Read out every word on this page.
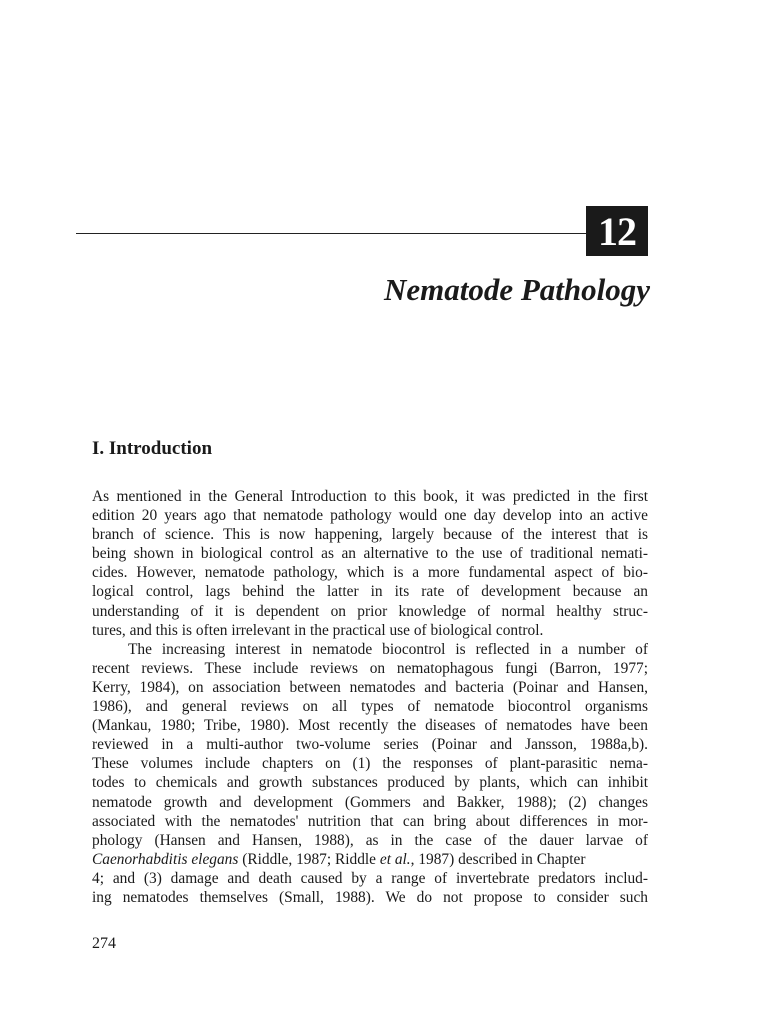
12
Nematode Pathology
I. Introduction
As mentioned in the General Introduction to this book, it was predicted in the first
edition 20 years ago that nematode pathology would one day develop into an active
branch of science. This is now happening, largely because of the interest that is
being shown in biological control as an alternative to the use of traditional nemati-
cides. However, nematode pathology, which is a more fundamental aspect of bio-
logical control, lags behind the latter in its rate of development because an
understanding of it is dependent on prior knowledge of normal healthy struc-
tures, and this is often irrelevant in the practical use of biological control.
The increasing interest in nematode biocontrol is reflected in a number of
recent reviews. These include reviews on nematophagous fungi (Barron, 1977;
Kerry, 1984), on association between nematodes and bacteria (Poinar and Hansen,
1986), and general reviews on all types of nematode biocontrol organisms
(Mankau, 1980; Tribe, 1980). Most recently the diseases of nematodes have been
reviewed in a multi-author two-volume series (Poinar and Jansson, 1988a,b).
These volumes include chapters on (1) the responses of plant-parasitic nema-
todes to chemicals and growth substances produced by plants, which can inhibit
nematode growth and development (Gommers and Bakker, 1988); (2) changes
associated with the nematodes' nutrition that can bring about differences in mor-
phology (Hansen and Hansen, 1988), as in the case of the dauer larvae of
Caenorhabditis elegans (Riddle, 1987; Riddle et al., 1987) described in Chapter
4; and (3) damage and death caused by a range of invertebrate predators includ-
ing nematodes themselves (Small, 1988). We do not propose to consider such

274
